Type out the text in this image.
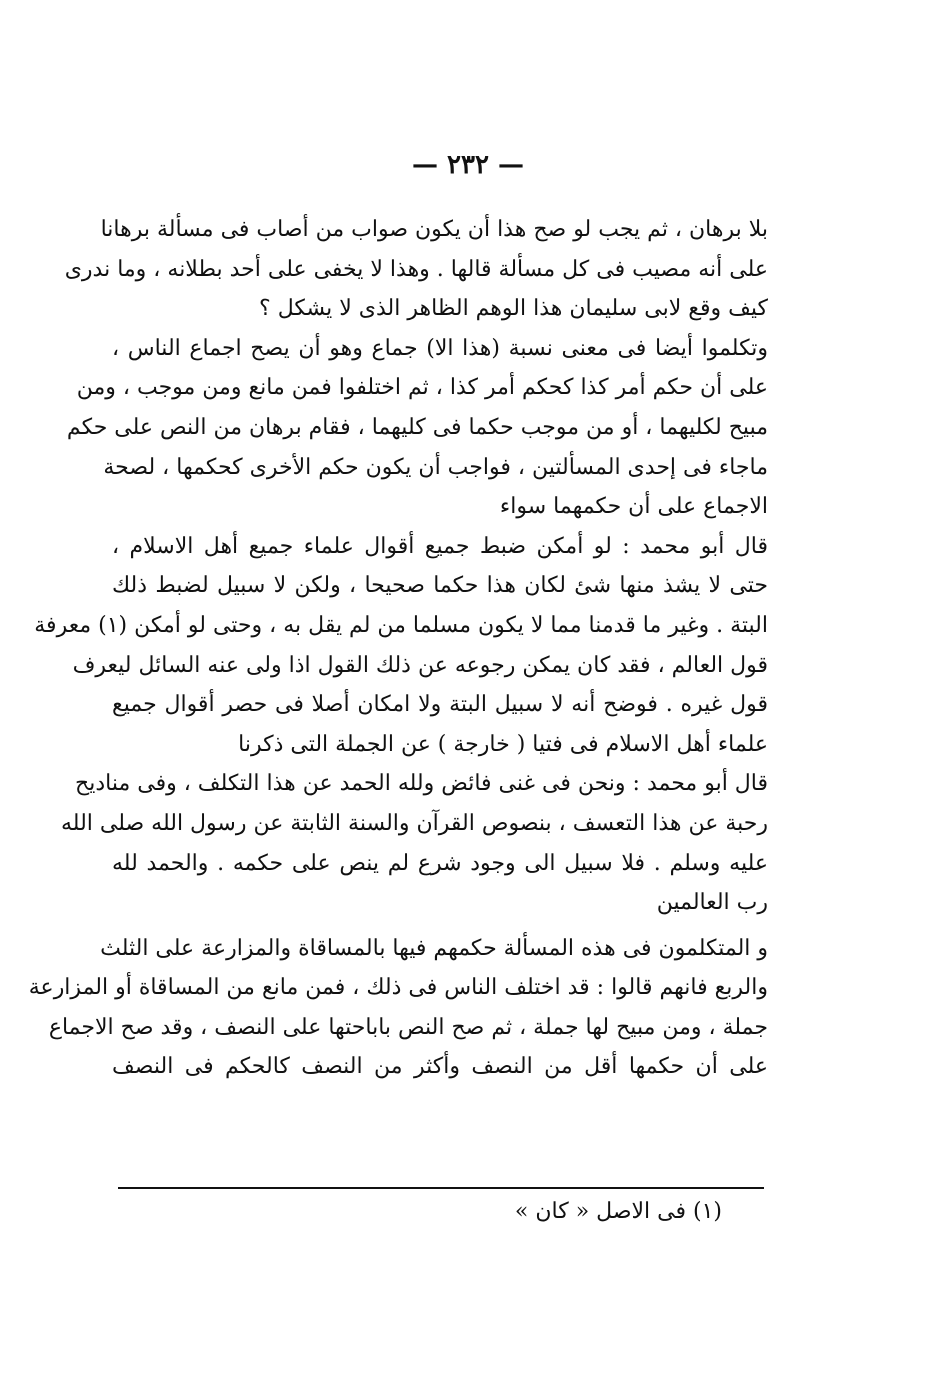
— ٢٣٢ —
بلا برهان ، ثم يجب لو صح هذا أن يكون صواب من أصاب فى مسألة برهانا
على أنه مصيب فى كل مسألة قالها . وهذا لا يخفى على أحد بطلانه ، وما ندرى
كيف وقع لابى سليمان هذا الوهم الظاهر الذى لا يشكل ؟
وتكلموا أيضا فى معنى نسبة (هذا الا) جماع وهو أن يصح اجماع الناس ،
على أن حكم أمر كذا كحكم أمر كذا ، ثم اختلفوا فمن مانع ومن موجب ، ومن
مبيح لكليهما ، أو من موجب حكما فى كليهما ، فقام برهان من النص على حكم
ماجاء فى إحدى المسألتين ، فواجب أن يكون حكم الأخرى كحكمها ، لصحة
الاجماع على أن حكمهما سواء
قال أبو محمد : لو أمكن ضبط جميع أقوال علماء جميع أهل الاسلام ،
حتى لا يشذ منها شئ لكان هذا حكما صحيحا ، ولكن لا سبيل لضبط ذلك
البتة . وغير ما قدمنا مما لا يكون مسلما من لم يقل به ، وحتى لو أمكن (١) معرفة
قول العالم ، فقد كان يمكن رجوعه عن ذلك القول اذا ولى عنه السائل ليعرف
قول غيره . فوضح أنه لا سبيل البتة ولا امكان أصلا فى حصر أقوال جميع
علماء أهل الاسلام فى فتيا ( خارجة ) عن الجملة التى ذكرنا
قال أبو محمد : ونحن فى غنى فائض ولله الحمد عن هذا التكلف ، وفى مناديح
رحبة عن هذا التعسف ، بنصوص القرآن والسنة الثابتة عن رسول الله صلى الله
عليه وسلم . فلا سبيل الى وجود شرع لم ينص على حكمه . والحمد لله
رب العالمين
و المتكلمون فى هذه المسألة حكمهم فيها بالمساقاة والمزارعة على الثلث
والربع فانهم قالوا : قد اختلف الناس فى ذلك ، فمن مانع من المساقاة أو المزارعة
جملة ، ومن مبيح لها جملة ، ثم صح النص باباحتها على النصف ، وقد صح الاجماع
على أن حكمها أقل من النصف وأكثر من النصف كالحكم فى النصف
(١) فى الاصل « كان »
